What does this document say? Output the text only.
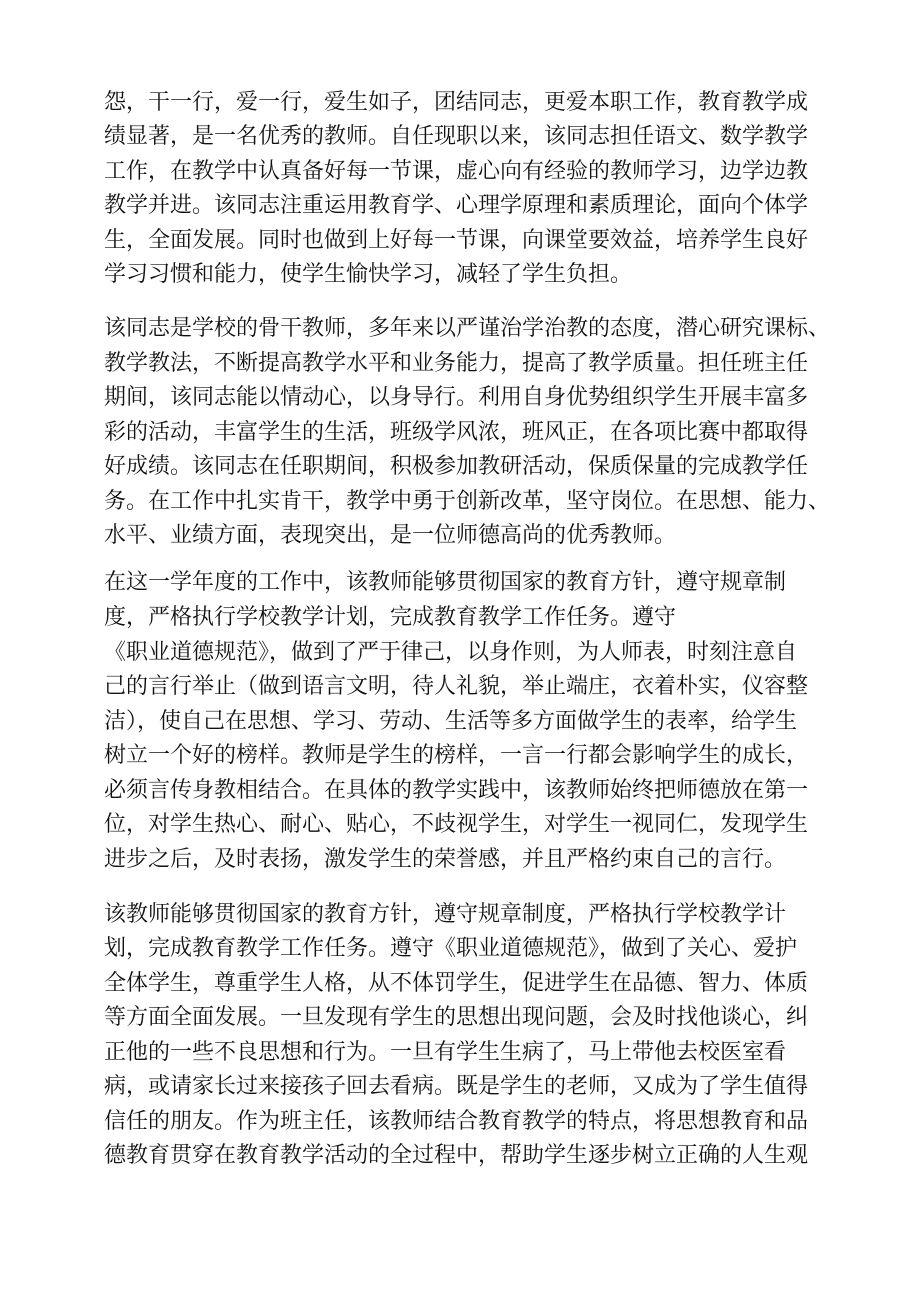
怨，干一行，爱一行，爱生如子，团结同志，更爱本职工作，教育教学成

绩显著，是一名优秀的教师。自任现职以来，该同志担任语文、数学教学

工作，在教学中认真备好每一节课，虚心向有经验的教师学习，边学边教

教学并进。该同志注重运用教育学、心理学原理和素质理论，面向个体学

生，全面发展。同时也做到上好每一节课，向课堂要效益，培养学生良好

学习习惯和能力，使学生愉快学习，减轻了学生负担。

该同志是学校的骨干教师，多年来以严谨治学治教的态度，潜心研究课标、

教学教法，不断提高教学水平和业务能力，提高了教学质量。担任班主任

期间，该同志能以情动心，以身导行。利用自身优势组织学生开展丰富多

彩的活动，丰富学生的生活，班级学风浓，班风正，在各项比赛中都取得

好成绩。该同志在任职期间，积极参加教研活动，保质保量的完成教学任

务。在工作中扎实肯干，教学中勇于创新改革，坚守岗位。在思想、能力、

水平、业绩方面，表现突出，是一位师德高尚的优秀教师。

在这一学年度的工作中，该教师能够贯彻国家的教育方针，遵守规章制

度，严格执行学校教学计划，完成教育教学工作任务。遵守

《职业道德规范》，做到了严于律己，以身作则，为人师表，时刻注意自

己的言行举止（做到语言文明，待人礼貌，举止端庄，衣着朴实，仪容整

洁），使自己在思想、学习、劳动、生活等多方面做学生的表率，给学生

树立一个好的榜样。教师是学生的榜样，一言一行都会影响学生的成长，

必须言传身教相结合。在具体的教学实践中，该教师始终把师德放在第一

位，对学生热心、耐心、贴心，不歧视学生，对学生一视同仁，发现学生

进步之后，及时表扬，激发学生的荣誉感，并且严格约束自己的言行。

该教师能够贯彻国家的教育方针，遵守规章制度，严格执行学校教学计

划，完成教育教学工作任务。遵守《职业道德规范》，做到了关心、爱护

全体学生，尊重学生人格，从不体罚学生，促进学生在品德、智力、体质

等方面全面发展。一旦发现有学生的思想出现问题，会及时找他谈心，纠

正他的一些不良思想和行为。一旦有学生生病了，马上带他去校医室看

病，或请家长过来接孩子回去看病。既是学生的老师，又成为了学生值得

信任的朋友。作为班主任，该教师结合教育教学的特点，将思想教育和品

德教育贯穿在教育教学活动的全过程中，帮助学生逐步树立正确的人生观
